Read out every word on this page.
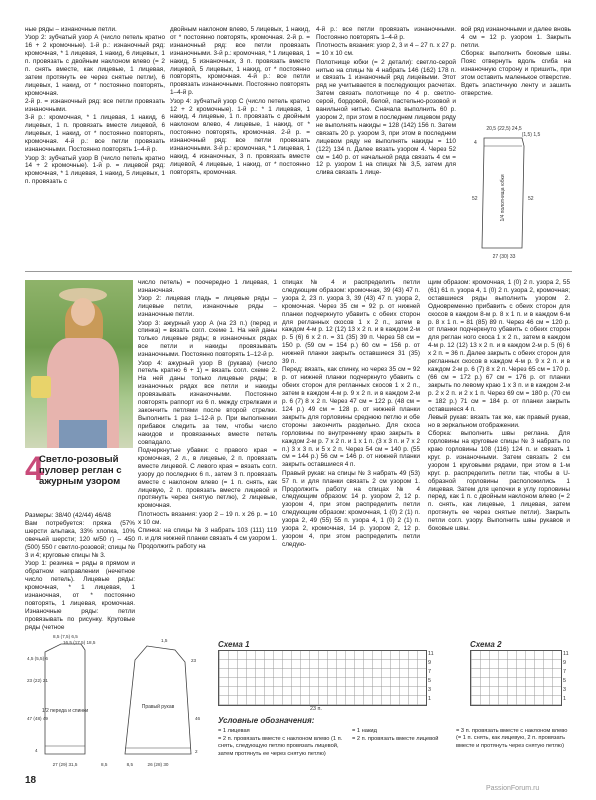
ные ряды – изнаночные петли.

Узор 2: зубчатый узор А (число петель кратно 16 + 2 кромочные). 1-й р.: изнаночный ряд: кромочная, * 1 лицевая, 1 накид, 6 лицевых, 1 п. провязать с двойным наклоном влево (= 2 п. снять вместе, как лицевые, 1 лицевая, затем протянуть ее через снятые петли), 6 лицевых, 1 накид, от * постоянно повторять, кромочная.

2-й р. = изнаночный ряд: все петли провязать изнаночными.

3-й р.: кромочная, * 1 лицевая, 1 накид, 6 лицевых, 1 п. провязать вместе лицевой, 6 лицевых, 1 накид, от * постоянно повторять, кромочная. 4-й р.: все петли провязать изнаночными. Постоянно повторять 1–4-й р.

Узор 3: зубчатый узор В (число петель кратно 14 + 2 кромочные). 1-й р. = лицевой ряд: кромочная, * 1 лицевая, 1 накид, 5 лицевых, 1 п. провязать с

двойным наклоном влево, 5 лицевых, 1 накид, от * постоянно повторять, кромочная. 2-й р. = изнаночный ряд: все петли провязать изнаночными. 3-й р.: кромочная, * 1 лицевая, 1 накид, 5 изнаночных, 3 п. провязать вместе лицевой, 5 лицевых, 1 накид, от * постоянно повторять, кромочная. 4-й р.: все петли провязать изнаночными. Постоянно повторять 1–4-й р.

Узор 4: зубчатый узор С (число петель кратно 12 + 2 кромочные). 1-й р.: * 1 лицевая, 1 накид, 4 лицевые, 1 п. провязать с двойным наклоном влево, 4 лицевые, 1 накид, от * постоянно повторять, кромочная. 2-й р. = изнаночный ряд: все петли провязать изнаночными. 3-й р.: кромочная, * 1 лицевая, 1 накид, 4 изнаночных, 3 п. провязать вместе лицевой, 4 лицевые, 1 накид, от * постоянно повторять, кромочная.

4-й р.: все петли провязать изнаночными. Постоянно повторять 1–4-й р.

Плотность вязания: узор 2, 3 и 4 – 27 п. x 27 р. = 10 x 10 см.

Полотнище юбки (= 2 детали): светло-серой нитью на спицы № 4 набрать 146 (162) 178 п. и связать 1 изнаночный ряд лицевыми. Этот ряд не учитывается в последующих расчетах. Затем связать полотнище по 4 р. светло-серой, бордовой, белой, пастельно-розовой и ванильной нитью. Сначала выполнить 60 р. узором 2, при этом в последнем лицевом ряду не выполнять накиды = 128 (142) 156 п. Затем связать 20 р. узором 3, при этом в последнем лицевом ряду не выполнять накиды = 110 (122) 134 п. Далее вязать узором 4. Через 52 см = 140 р. от начальной ряда связать 4 см = 12 р. узором 1 на спицах № 3,5, затем для слива связать 1 лице-

вой ряд изнаночными и далее вновь 4 см = 12 р. узором 1. Закрыть петли.

Сборка: выполнить боковые швы. Пояс отвернуть вдоль сгиба на изнаночную сторону и пришить, при этом оставить маленькое отверстие. Вдеть эластичную ленту и зашить отверстие.

20,5 (22,5) 24,5
(1,5) 1,5
4
52	52
1/4 полотнища юбки
27 (30) 33
4
Светло-розовый пуловер реглан с ажурным узором

Размеры: 38/40 (42/44) 46/48

Вам потребуется: пряжа (57% шерсти альпака, 33% хлопка, 10% овечьей шерсти; 120 м/50 г) – 450 (500) 550 г светло-розовой; спицы № 3 и 4; круговые спицы № 3.

Узор 1: резинка = ряды в прямом и обратном направлении (нечетное число петель). Лицевые ряды: кромочная, * 1 лицевая, 1 изнаночная, от * постоянно повторять, 1 лицевая, кромочная. Изнаночные ряды: петли провязывать по рисунку. Круговые ряды (четное

число петель) = поочередно 1 лицевая, 1 изнаночная.

Узор 2: лицевая гладь = лицевые ряды – лицевые петли, изнаночные ряды – изнаночные петли.

Узор 3: ажурный узор А (на 23 п.) (перед и спинка) = вязать согл. схеме 1. На ней даны только лицевые ряды; в изнаночных рядах все петли и накиды провязывать изнаночными. Постоянно повторять 1–12-й р.

Узор 4: ажурный узор В (рукава) (число петель кратно 6 + 1) = вязать согл. схеме 2. На ней даны только лицевые ряды; в изнаночных рядах все петли и накиды провязывать изнаночными. Постоянно повторять раппорт из 6 п. между стрелками и закончить петлями после второй стрелки. Выполнить 1 раз 1–12-й р. При выполнении прибавок следить за тем, чтобы число накидов и провязанных вместе петель совпадало.

Подчеркнутые убавки: с правого края = кромочная, 2 л., в лицевые, 2 п. провязать вместе лицевой. С левого края = вязать согл. узору до последних 6 п., затем 3 п. провязать вместе с наклоном влево (= 1 п. снять, как лицевую, 2 п. провязать вместе лицевой и протянуть через снятую петлю), 2 лицевые, кромочная.

Плотность вязания: узор 2 – 19 п. x 26 р. = 10 x 10 см.

Спинка: на спицы № 3 набрать 103 (111) 119 п. и для нижней планки связать 4 см узором 1. Продолжить работу на

спицах № 4 и распределить петли следующим образом: кромочная, 39 (43) 47 п. узора 2, 23 п. узора 3, 39 (43) 47 п. узора 2, кромочная. Через 35 см = 92 р. от нижней планки подчеркнуто убавить с обеих сторон для регланных скосов 1 x 2 п., затем в каждом 4-м р. 12 (12) 13 x 2 п. и в каждом 2-м р. 5 (6) 6 x 2 п. = 31 (35) 39 п. Через 58 см = 150 р. (59 см = 154 р.) 60 см = 156 р. от нижней планки закрыть оставшиеся 31 (35) 39 п.

Перед: вязать, как спинку, но через 35 см = 92 р. от нижней планки подчеркнуто убавить с обеих сторон для регланных скосов 1 x 2 п., затем в каждом 4-м р. 9 x 2 п. и в каждом 2-м р. 6 (7) 8 x 2 п. Через 47 см = 122 р. (48 см = 124 р.) 49 см = 128 р. от нижней планки закрыть для горловины среднюю петлю и обе стороны закончить раздельно. Для скоса горловины по внутреннему краю закрыть в каждом 2-м р. 7 x 2 п. и 1 x 1 п. (3 x 3 п. и 7 x 2 п.) 3 x 3 п. и 5 x 2 п. Через 54 см = 140 р. (55 см = 144 р.) 56 см = 146 р. от нижней планки закрыть оставшиеся 4 п.

Правый рукав: на спицы № 3 набрать 49 (53) 57 п. и для планки связать 2 см узором 1. Продолжить работу на спицах № 4 следующим образом: 14 р. узором 2, 12 р. узором 4, при этом распределить петли следующим образом: кромочная, 1 (0) 2 (1) п. узора 2, 49 (55) 55 п. узора 4, 1 (0) 2 (1) п. узора 2, кромочная, 14 р. узором 2, 12 р. узором 4, при этом распределить петли следую-

щим образом: кромочная, 1 (0) 2 п. узора 2, 55 (61) 61 п. узора 4, 1 (0) 2 п. узора 2, кромочная; оставшиеся ряды выполнить узором 2. Одновременно прибавить с обеих сторон для скосов в каждом 8-м р. 8 x 1 п. и в каждом 6-м р. 8 x 1 п. = 81 (85) 89 п. Через 46 см = 120 р. от планки подчеркнуто убавить с обеих сторон для реглан ного скоса 1 x 2 п., затем в каждом 4-м р. 12 (12) 13 x 2 п. и в каждом 2-м р. 5 (6) 6 x 2 п. = 36 п. Далее закрыть с обеих сторон для регланных скосов в каждом 4-м р. 9 x 2 п. и в каждом 2-м р. 6 (7) 8 x 2 п. Через 65 см = 170 р. (66 см = 172 р.) 67 см = 176 р. от планки закрыть по левому краю 1 x 3 п. и в каждом 2-м р. 2 x 2 п. и 2 x 1 п. Через 69 см = 180 р. (70 см = 182 р.) 71 см = 184 р. от планки закрыть оставшиеся 4 п.

Левый рукав: вязать так же, как правый рукав, но в зеркальном отображении.

Сборка: выполнить швы реглана. Для горловины на круговые спицы № 3 набрать по краю горловины 108 (116) 124 п. и связать 1 круг. р. изнаночными. Затем связать 2 см узором 1 круговыми рядами, при этом в 1-м круг. р. распределить петли так, чтобы в U-образной горловины расположились 1 лицевая. Затем для цепочки в углу горловины перед, как 1 п. с двойным наклоном влево (= 2 п. снять, как лицевые, 1 лицевая, затем протянуть ее через снятые петли). Закрыть петли согл. узору. Выполнить швы рукавов и боковые швы.

8,5 (7,5) 6,5
16,5 (17,5) 18,5
4,5 (5,5) 6
23 (22) 21
47 (48) 49
4
1/2 переда и спинки
27 (29) 31,5	8,5
Правый рукав
46
2
26 (28) 30
8,5
1,5
23
Схема 1
11
9
7
5
3
1
23 п.
Схема 2
11
9
7
5
3
1
Условные обозначения:

= 1 лицевая

= 2 п. провязать вместе с наклоном влево (1 п. снять, следующую петлю провязать лицевой, затем протянуть ее через снятую петлю)

= 1 накид

= 2 п. провязать вместе лицевой

= 3 п. провязать вместе с наклоном влево (= 1 п. снять, как лицевую, 2 п. провязать вместе и протянуть через снятую петлю)

18
PassionForum.ru
